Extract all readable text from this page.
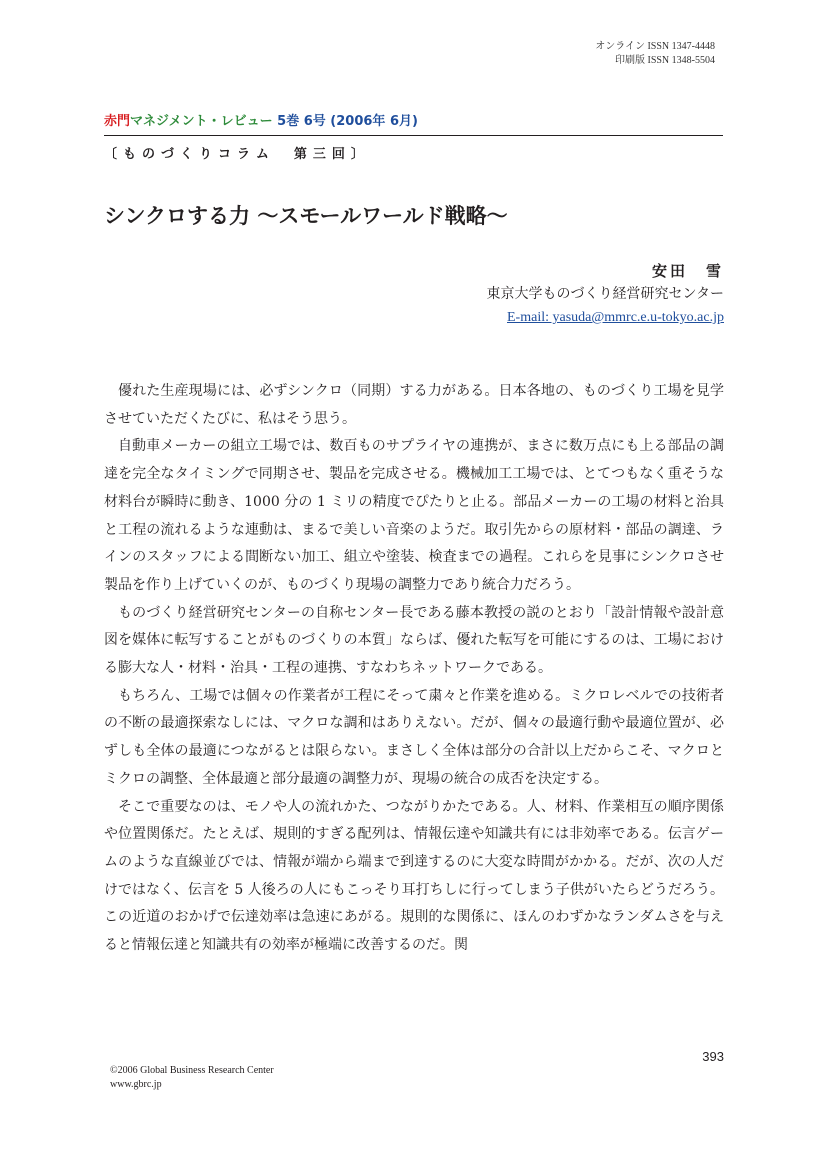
オンライン ISSN 1347-4448
印刷版 ISSN 1348-5504
赤門マネジメント・レビュー 5巻 6号 (2006年 6月)
〔ものづくりコラム　第三回〕
シンクロする力 〜スモールワールド戦略〜
安田　雪
東京大学ものづくり経営研究センター
E-mail: yasuda@mmrc.e.u-tokyo.ac.jp

優れた生産現場には、必ずシンクロ（同期）する力がある。日本各地の、ものづくり工場を見学させていただくたびに、私はそう思う。

自動車メーカーの組立工場では、数百ものサプライヤの連携が、まさに数万点にも上る部品の調達を完全なタイミングで同期させ、製品を完成させる。機械加工工場では、とてつもなく重そうな材料台が瞬時に動き、1000 分の 1 ミリの精度でぴたりと止る。部品メーカーの工場の材料と治具と工程の流れるような連動は、まるで美しい音楽のようだ。取引先からの原材料・部品の調達、ラインのスタッフによる間断ない加工、組立や塗装、検査までの過程。これらを見事にシンクロさせ製品を作り上げていくのが、ものづくり現場の調整力であり統合力だろう。

ものづくり経営研究センターの自称センター長である藤本教授の説のとおり「設計情報や設計意図を媒体に転写することがものづくりの本質」ならば、優れた転写を可能にするのは、工場における膨大な人・材料・治具・工程の連携、すなわちネットワークである。

もちろん、工場では個々の作業者が工程にそって粛々と作業を進める。ミクロレベルでの技術者の不断の最適探索なしには、マクロな調和はありえない。だが、個々の最適行動や最適位置が、必ずしも全体の最適につながるとは限らない。まさしく全体は部分の合計以上だからこそ、マクロとミクロの調整、全体最適と部分最適の調整力が、現場の統合の成否を決定する。

そこで重要なのは、モノや人の流れかた、つながりかたである。人、材料、作業相互の順序関係や位置関係だ。たとえば、規則的すぎる配列は、情報伝達や知識共有には非効率である。伝言ゲームのような直線並びでは、情報が端から端まで到達するのに大変な時間がかかる。だが、次の人だけではなく、伝言を 5 人後ろの人にもこっそり耳打ちしに行ってしまう子供がいたらどうだろう。この近道のおかげで伝達効率は急速にあがる。規則的な関係に、ほんのわずかなランダムさを与えると情報伝達と知識共有の効率が極端に改善するのだ。関

393
©2006 Global Business Research Center
www.gbrc.jp
